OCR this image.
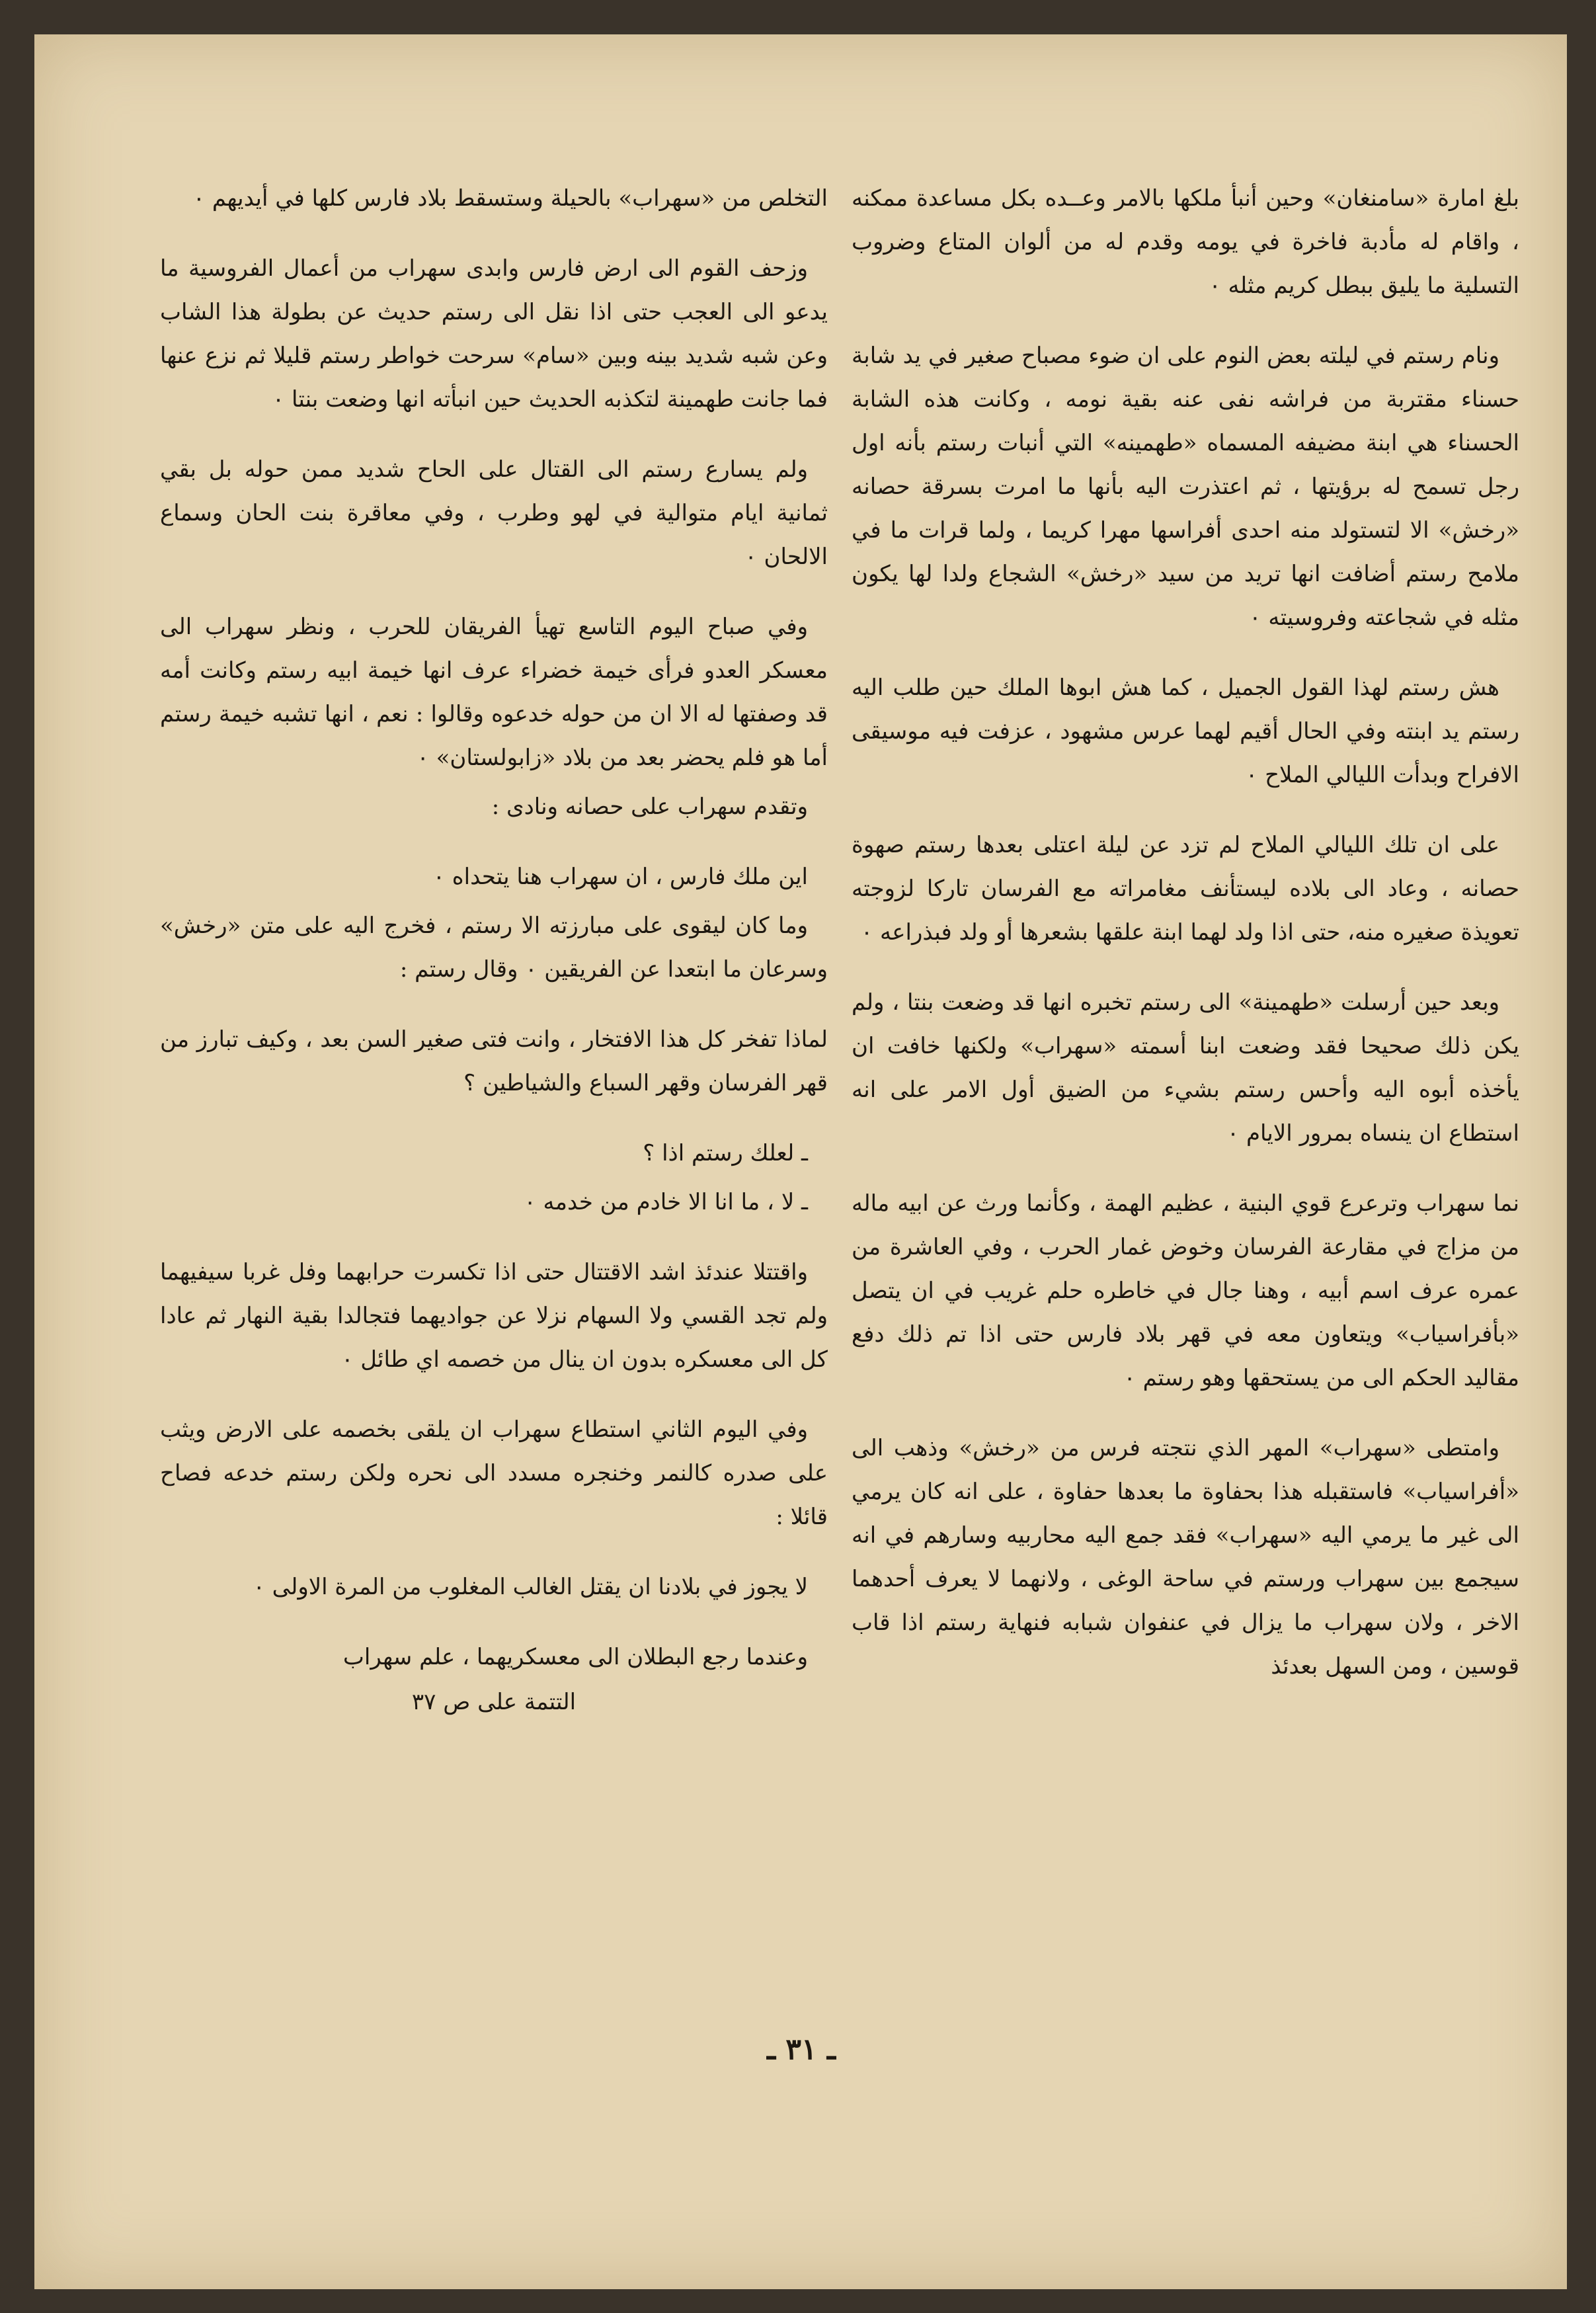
بلغ امارة «سامنغان» وحين أنبأ ملكها بالامر وعــده بكل مساعدة ممكنه ، واقام له مأدبة فاخرة في يومه وقدم له من ألوان المتاع وضروب التسلية ما يليق ببطل كريم مثله ٠

ونام رستم في ليلته بعض النوم على ان ضوء مصباح صغير في يد شابة حسناء مقتربة من فراشه نفى عنه بقية نومه ، وكانت هذه الشابة الحسناء هي ابنة مضيفه المسماه «طهمينه» التي أنبات رستم بأنه اول رجل تسمح له برؤيتها ، ثم اعتذرت اليه بأنها ما امرت بسرقة حصانه «رخش» الا لتستولد منه احدى أفراسها مهرا كريما ، ولما قرات ما في ملامح رستم أضافت انها تريد من سيد «رخش» الشجاع ولدا لها يكون مثله في شجاعته وفروسيته ٠

هش رستم لهذا القول الجميل ، كما هش ابوها الملك حين طلب اليه رستم يد ابنته وفي الحال أقيم لهما عرس مشهود ، عزفت فيه موسيقى الافراح وبدأت الليالي الملاح ٠

على ان تلك الليالي الملاح لم تزد عن ليلة اعتلى بعدها رستم صهوة حصانه ، وعاد الى بلاده ليستأنف مغامراته مع الفرسان تاركا لزوجته تعويذة صغيره منه، حتى اذا ولد لهما ابنة علقها بشعرها أو ولد فبذراعه ٠

وبعد حين أرسلت «طهمينة» الى رستم تخبره انها قد وضعت بنتا ، ولم يكن ذلك صحيحا فقد وضعت ابنا أسمته «سهراب» ولكنها خافت ان يأخذه أبوه اليه وأحس رستم بشيء من الضيق أول الامر على انه استطاع ان ينساه بمرور الايام ٠

نما سهراب وترعرع قوي البنية ، عظيم الهمة ، وكأنما ورث عن ابيه ماله من مزاج في مقارعة الفرسان وخوض غمار الحرب ، وفي العاشرة من عمره عرف اسم أبيه ، وهنا جال في خاطره حلم غريب في ان يتصل «بأفراسياب» ويتعاون معه في قهر بلاد فارس حتى اذا تم ذلك دفع مقاليد الحكم الى من يستحقها وهو رستم ٠

وامتطى «سهراب» المهر الذي نتجته فرس من «رخش» وذهب الى «أفراسياب» فاستقبله هذا بحفاوة ما بعدها حفاوة ، على انه كان يرمي الى غير ما يرمي اليه «سهراب» فقد جمع اليه محاربيه وسارهم في انه سيجمع بين سهراب ورستم في ساحة الوغى ، ولانهما لا يعرف أحدهما الاخر ، ولان سهراب ما يزال في عنفوان شبابه فنهاية رستم اذا قاب قوسين ، ومن السهل بعدئذ

التخلص من «سهراب» بالحيلة وستسقط بلاد فارس كلها في أيديهم ٠

وزحف القوم الى ارض فارس وابدى سهراب من أعمال الفروسية ما يدعو الى العجب حتى اذا نقل الى رستم حديث عن بطولة هذا الشاب وعن شبه شديد بينه وبين «سام» سرحت خواطر رستم قليلا ثم نزع عنها فما جانت طهمينة لتكذبه الحديث حين انبأته انها وضعت بنتا ٠

ولم يسارع رستم الى القتال على الحاح شديد ممن حوله بل بقي ثمانية ايام متوالية في لهو وطرب ، وفي معاقرة بنت الحان وسماع الالحان ٠

وفي صباح اليوم التاسع تهيأ الفريقان للحرب ، ونظر سهراب الى معسكر العدو فرأى خيمة خضراء عرف انها خيمة ابيه رستم وكانت أمه قد وصفتها له الا ان من حوله خدعوه وقالوا : نعم ، انها تشبه خيمة رستم أما هو فلم يحضر بعد من بلاد «زابولستان» ٠

وتقدم سهراب على حصانه ونادى :

اين ملك فارس ، ان سهراب هنا يتحداه ٠

وما كان ليقوى على مبارزته الا رستم ، فخرج اليه على متن «رخش» وسرعان ما ابتعدا عن الفريقين ٠ وقال رستم :

لماذا تفخر كل هذا الافتخار ، وانت فتى صغير السن بعد ، وكيف تبارز من قهر الفرسان وقهر السباع والشياطين ؟

ـ لعلك رستم اذا ؟

ـ لا ، ما انا الا خادم من خدمه ٠

واقتتلا عندئذ اشد الاقتتال حتى اذا تكسرت حرابهما وفل غربا سيفيهما ولم تجد القسي ولا السهام نزلا عن جواديهما فتجالدا بقية النهار ثم عادا كل الى معسكره بدون ان ينال من خصمه اي طائل ٠

وفي اليوم الثاني استطاع سهراب ان يلقى بخصمه على الارض ويثب على صدره كالنمر وخنجره مسدد الى نحره ولكن رستم خدعه فصاح قائلا :

لا يجوز في بلادنا ان يقتل الغالب المغلوب من المرة الاولى ٠

وعندما رجع البطلان الى معسكريهما ، علم سهراب

التتمة على ص ٣٧
ـ ٣١ ـ
